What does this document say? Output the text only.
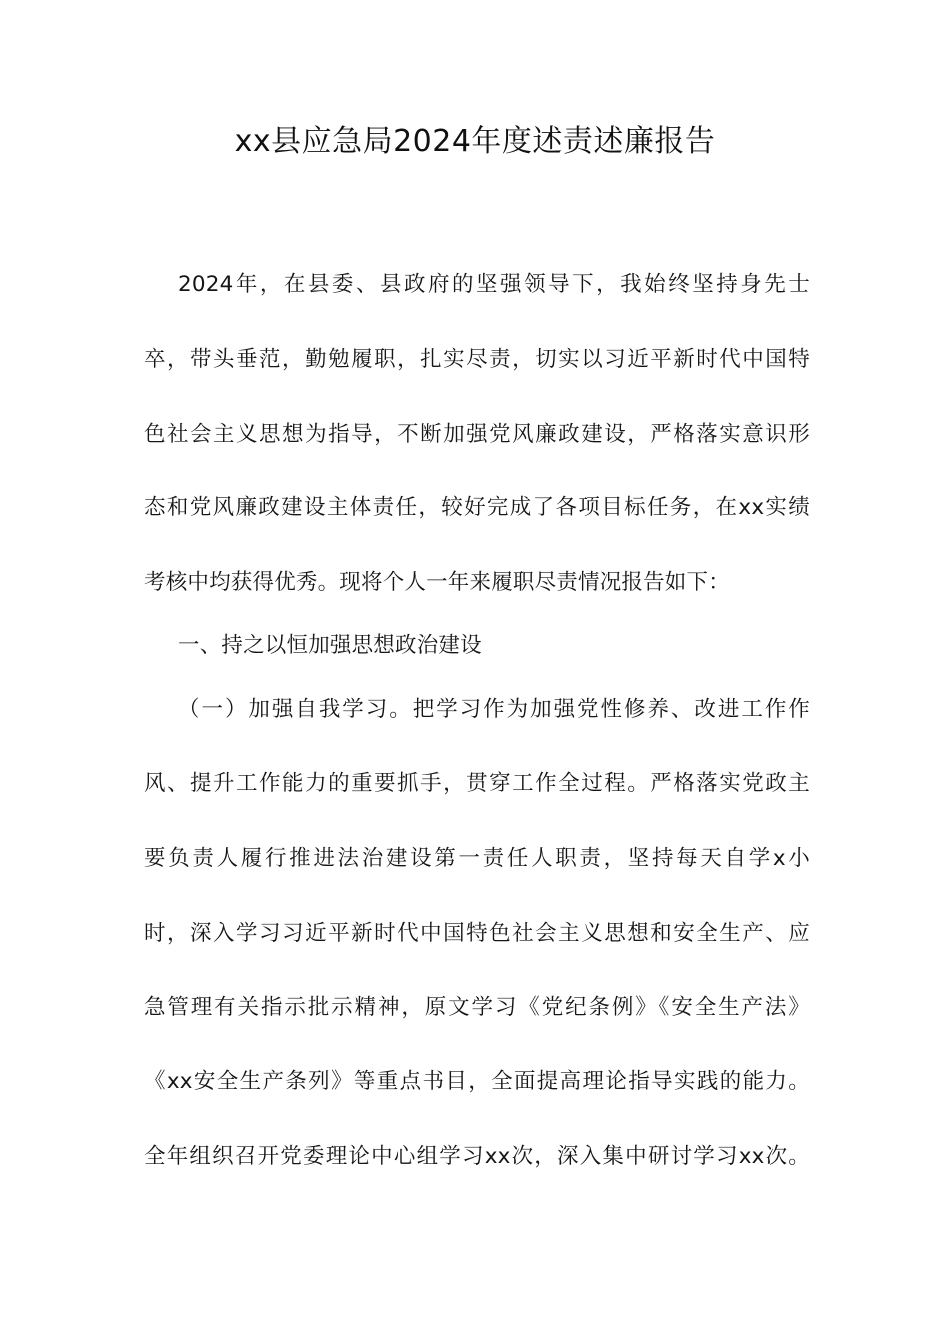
xx县应急局2024年度述责述廉报告
2024年，在县委、县政府的坚强领导下，我始终坚持身先士
卒，带头垂范，勤勉履职，扎实尽责，切实以习近平新时代中国特
色社会主义思想为指导，不断加强党风廉政建设，严格落实意识形
态和党风廉政建设主体责任，较好完成了各项目标任务，在xx实绩
考核中均获得优秀。现将个人一年来履职尽责情况报告如下：
一、持之以恒加强思想政治建设
（一）加强自我学习。把学习作为加强党性修养、改进工作作
风、提升工作能力的重要抓手，贯穿工作全过程。严格落实党政主
要负责人履行推进法治建设第一责任人职责，坚持每天自学x小
时，深入学习习近平新时代中国特色社会主义思想和安全生产、应
急管理有关指示批示精神，原文学习《党纪条例》《安全生产法》
《xx安全生产条列》等重点书目，全面提高理论指导实践的能力。
全年组织召开党委理论中心组学习xx次，深入集中研讨学习xx次。
